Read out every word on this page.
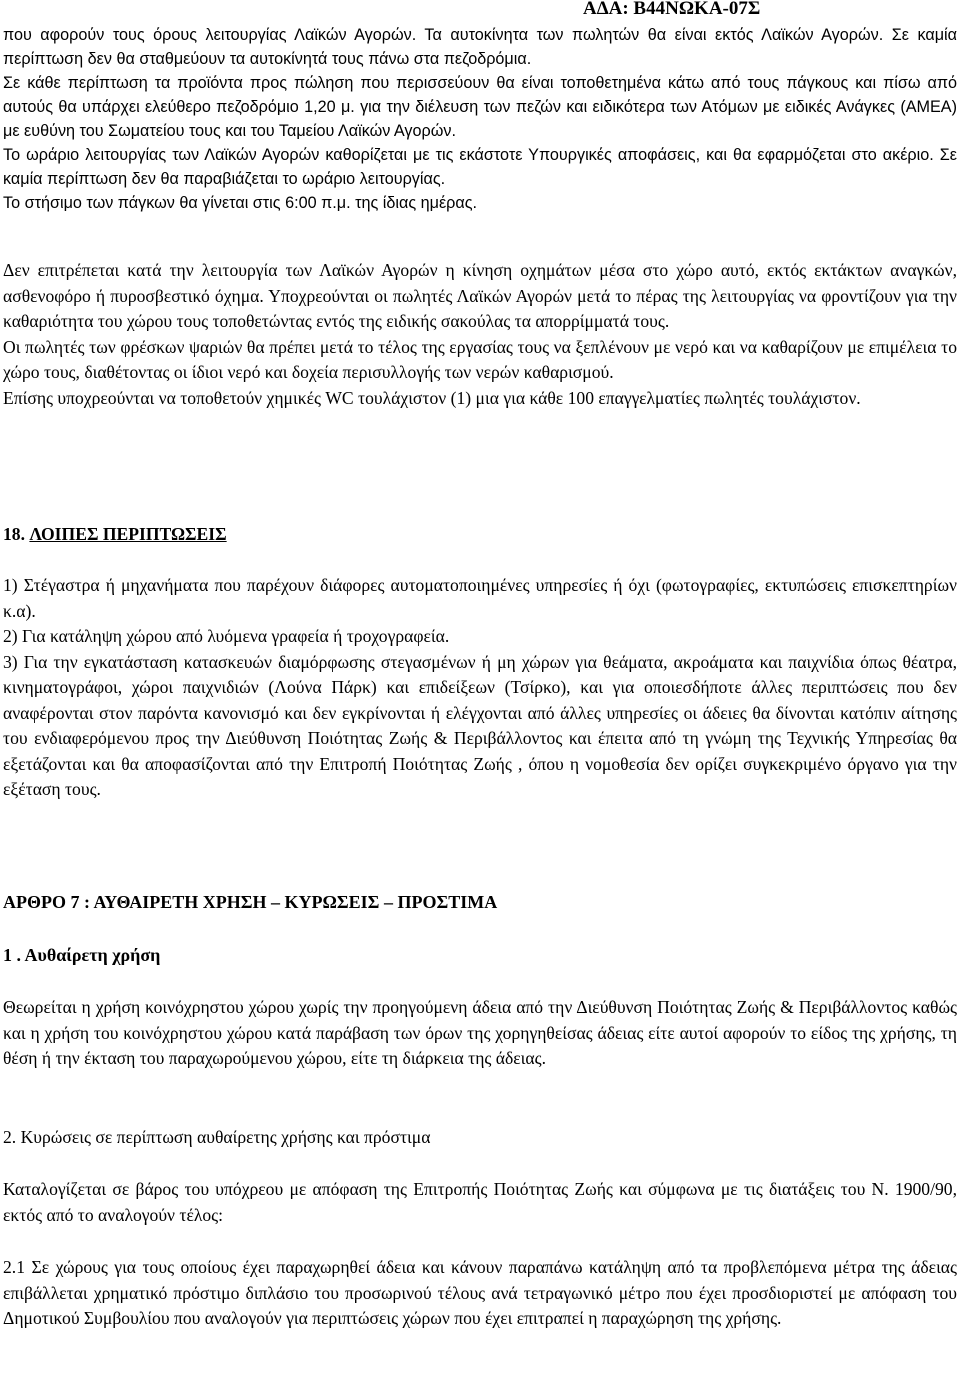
ΑΔΑ: Β44ΝΩΚΑ-07Σ

που αφορούν τους όρους λειτουργίας Λαϊκών Αγορών. Τα αυτοκίνητα των πωλητών θα είναι εκτός Λαϊκών Αγορών. Σε καμία περίπτωση δεν θα σταθμεύουν τα αυτοκίνητά τους πάνω στα πεζοδρόμια.

Σε κάθε περίπτωση τα προϊόντα προς πώληση που περισσεύουν θα είναι τοποθετημένα κάτω από τους πάγκους και πίσω από αυτούς θα υπάρχει ελεύθερο πεζοδρόμιο 1,20 μ. για την διέλευση των πεζών και ειδικότερα των Ατόμων με ειδικές Ανάγκες (ΑΜΕΑ) με ευθύνη του Σωματείου τους και του Ταμείου Λαϊκών Αγορών.

Το ωράριο λειτουργίας των Λαϊκών Αγορών καθορίζεται με τις εκάστοτε Υπουργικές αποφάσεις, και θα εφαρμόζεται στο ακέριο. Σε καμία περίπτωση δεν θα παραβιάζεται το ωράριο λειτουργίας.

Το στήσιμο των πάγκων θα γίνεται στις 6:00 π.μ. της ίδιας ημέρας.

Δεν επιτρέπεται κατά την λειτουργία των Λαϊκών Αγορών η κίνηση οχημάτων μέσα στο χώρο αυτό, εκτός εκτάκτων αναγκών, ασθενοφόρο ή πυροσβεστικό όχημα. Υποχρεούνται οι πωλητές Λαϊκών Αγορών μετά το πέρας της λειτουργίας να φροντίζουν για την καθαριότητα του χώρου τους τοποθετώντας εντός της ειδικής σακούλας τα απορρίμματά τους.

Οι πωλητές των φρέσκων ψαριών θα πρέπει μετά το τέλος της εργασίας τους να ξεπλένουν με νερό και να καθαρίζουν με επιμέλεια το χώρο τους, διαθέτοντας οι ίδιοι νερό και δοχεία περισυλλογής των νερών καθαρισμού.

Επίσης υποχρεούνται να τοποθετούν χημικές WC τουλάχιστον (1) μια για κάθε 100 επαγγελματίες πωλητές τουλάχιστον.

18. ΛΟΙΠΕΣ ΠΕΡΙΠΤΩΣΕΙΣ

1) Στέγαστρα ή μηχανήματα που παρέχουν διάφορες αυτοματοποιημένες υπηρεσίες ή όχι (φωτογραφίες, εκτυπώσεις επισκεπτηρίων κ.α).

2) Για κατάληψη χώρου από λυόμενα γραφεία ή τροχογραφεία.

3) Για την εγκατάσταση κατασκευών διαμόρφωσης στεγασμένων ή μη χώρων για θεάματα, ακροάματα και παιχνίδια όπως θέατρα, κινηματογράφοι, χώροι παιχνιδιών (Λούνα Πάρκ) και επιδείξεων (Τσίρκο), και για οποιεσδήποτε άλλες περιπτώσεις που δεν αναφέρονται στον παρόντα κανονισμό και δεν εγκρίνονται ή ελέγχονται από άλλες υπηρεσίες οι άδειες θα δίνονται κατόπιν αίτησης του ενδιαφερόμενου προς την Διεύθυνση Ποιότητας Ζωής & Περιβάλλοντος και έπειτα από τη γνώμη της Τεχνικής Υπηρεσίας θα εξετάζονται και θα αποφασίζονται από την Επιτροπή Ποιότητας Ζωής , όπου η νομοθεσία δεν ορίζει συγκεκριμένο όργανο για την εξέταση τους.

ΑΡΘΡΟ 7 : ΑΥΘΑΙΡΕΤΗ ΧΡΗΣΗ – ΚΥΡΩΣΕΙΣ – ΠΡΟΣΤΙΜΑ
1 . Αυθαίρετη χρήση

Θεωρείται η χρήση κοινόχρηστου χώρου χωρίς την προηγούμενη άδεια από την Διεύθυνση Ποιότητας Ζωής & Περιβάλλοντος καθώς και η χρήση του κοινόχρηστου χώρου κατά παράβαση των όρων της χορηγηθείσας άδειας είτε αυτοί αφορούν το είδος της χρήσης, τη θέση ή την έκταση του παραχωρούμενου χώρου, είτε τη διάρκεια της άδειας.

2. Κυρώσεις σε περίπτωση αυθαίρετης χρήσης και πρόστιμα

Καταλογίζεται σε βάρος του υπόχρεου με απόφαση της Επιτροπής Ποιότητας Ζωής και σύμφωνα με τις διατάξεις του Ν. 1900/90, εκτός από το αναλογούν τέλος:

2.1 Σε χώρους για τους οποίους έχει παραχωρηθεί άδεια και κάνουν παραπάνω κατάληψη από τα προβλεπόμενα μέτρα της άδειας επιβάλλεται χρηματικό πρόστιμο διπλάσιο του προσωρινού τέλους ανά τετραγωνικό μέτρο που έχει προσδιοριστεί με απόφαση του Δημοτικού Συμβουλίου που αναλογούν για περιπτώσεις χώρων που έχει επιτραπεί η παραχώρηση της χρήσης.
